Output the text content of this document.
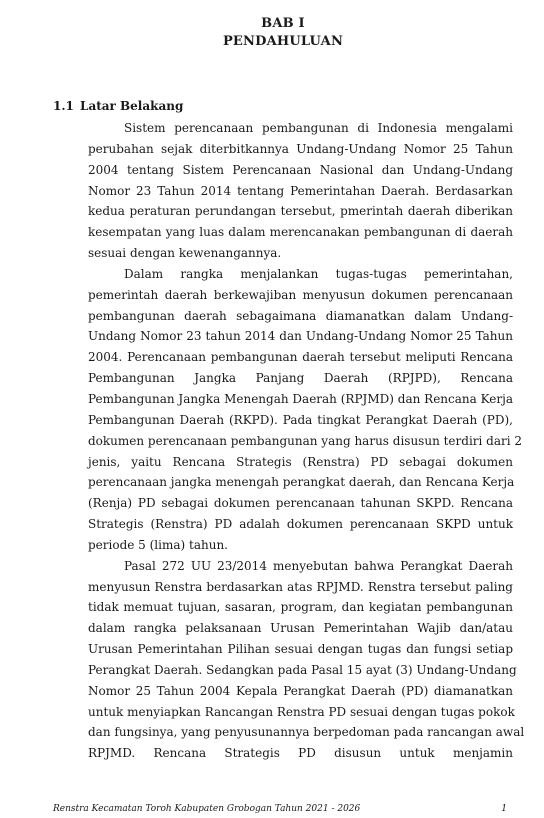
BAB I
PENDAHULUAN
1.1 Latar Belakang
Sistem perencanaan pembangunan di Indonesia mengalami
perubahan sejak diterbitkannya Undang-Undang Nomor 25 Tahun
2004 tentang Sistem Perencanaan Nasional dan Undang-Undang
Nomor 23 Tahun 2014 tentang Pemerintahan Daerah. Berdasarkan
kedua peraturan perundangan tersebut, pmerintah daerah diberikan
kesempatan yang luas dalam merencanakan pembangunan di daerah
sesuai dengan kewenangannya.
Dalam rangka menjalankan tugas-tugas pemerintahan,
pemerintah daerah berkewajiban menyusun dokumen perencanaan
pembangunan daerah sebagaimana diamanatkan dalam Undang-
Undang Nomor 23 tahun 2014 dan Undang-Undang Nomor 25 Tahun
2004. Perencanaan pembangunan daerah tersebut meliputi Rencana
Pembangunan Jangka Panjang Daerah (RPJPD), Rencana
Pembangunan Jangka Menengah Daerah (RPJMD) dan Rencana Kerja
Pembangunan Daerah (RKPD). Pada tingkat Perangkat Daerah (PD),
dokumen perencanaan pembangunan yang harus disusun terdiri dari 2
jenis, yaitu Rencana Strategis (Renstra) PD sebagai dokumen
perencanaan jangka menengah perangkat daerah, dan Rencana Kerja
(Renja) PD sebagai dokumen perencanaan tahunan SKPD. Rencana
Strategis (Renstra) PD adalah dokumen perencanaan SKPD untuk
periode 5 (lima) tahun.
Pasal 272 UU 23/2014 menyebutan bahwa Perangkat Daerah
menyusun Renstra berdasarkan atas RPJMD. Renstra tersebut paling
tidak memuat tujuan, sasaran, program, dan kegiatan pembangunan
dalam rangka pelaksanaan Urusan Pemerintahan Wajib dan/atau
Urusan Pemerintahan Pilihan sesuai dengan tugas dan fungsi setiap
Perangkat Daerah. Sedangkan pada Pasal 15 ayat (3) Undang-Undang
Nomor 25 Tahun 2004 Kepala Perangkat Daerah (PD) diamanatkan
untuk menyiapkan Rancangan Renstra PD sesuai dengan tugas pokok
dan fungsinya, yang penyusunannya berpedoman pada rancangan awal
RPJMD. Rencana Strategis PD disusun untuk menjamin
Renstra Kecamatan Toroh Kabupaten Grobogan Tahun 2021 - 2026	1
